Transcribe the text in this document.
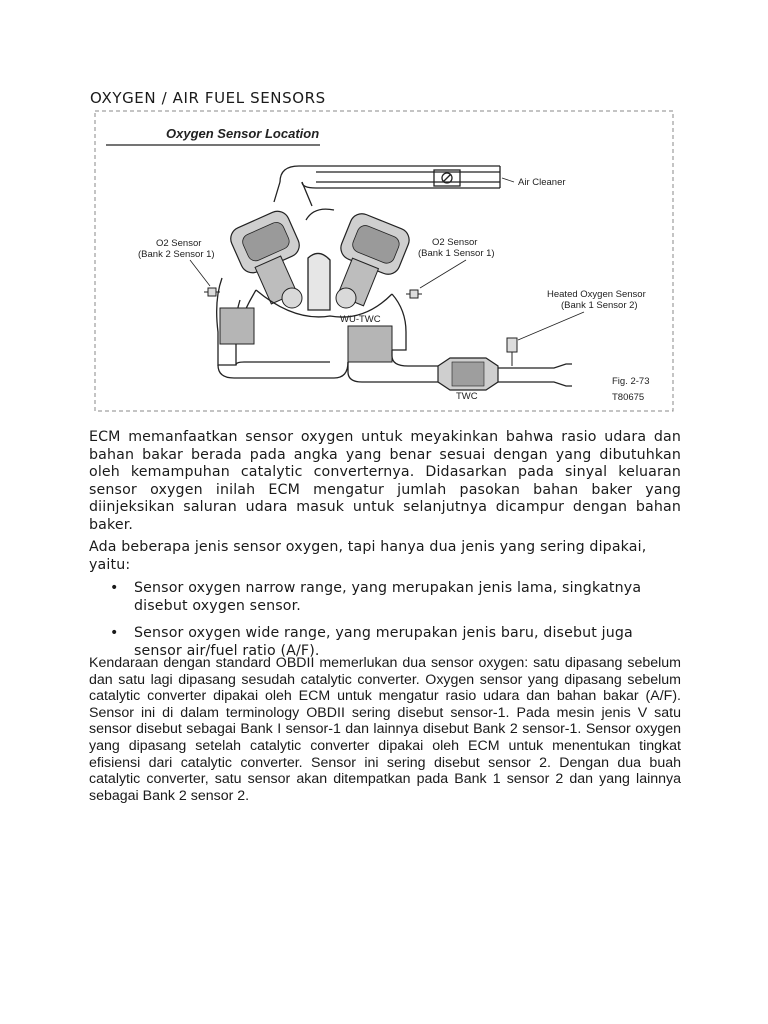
OXYGEN / AIR FUEL SENSORS
Oxygen Sensor Location
Air Cleaner
O2 Sensor
(Bank 2 Sensor 1)
O2 Sensor
(Bank 1 Sensor 1)
Heated Oxygen Sensor
(Bank 1 Sensor 2)
WU-TWC
TWC
Fig. 2-73
T80675

ECM memanfaatkan sensor oxygen untuk meyakinkan bahwa rasio udara dan bahan bakar berada pada angka yang benar sesuai dengan yang dibutuhkan oleh kemampuhan catalytic converternya. Didasarkan pada sinyal keluaran sensor oxygen inilah ECM mengatur jumlah pasokan bahan baker yang diinjeksikan saluran udara masuk untuk selanjutnya dicampur dengan bahan baker.

Ada beberapa jenis sensor oxygen, tapi hanya dua jenis yang sering dipakai, yaitu:

• Sensor oxygen narrow range, yang merupakan jenis lama, singkatnya disebut oxygen sensor.
• Sensor oxygen wide range, yang merupakan jenis baru, disebut juga sensor air/fuel ratio (A/F).

Kendaraan dengan standard OBDII memerlukan dua sensor oxygen: satu dipasang sebelum dan satu lagi dipasang sesudah catalytic converter. Oxygen sensor yang dipasang sebelum catalytic converter dipakai oleh ECM untuk mengatur rasio udara dan bahan bakar (A/F). Sensor ini di dalam terminology OBDII sering disebut sensor-1. Pada mesin jenis V satu sensor disebut sebagai Bank I sensor-1 dan lainnya disebut Bank 2 sensor-1. Sensor oxygen yang dipasang setelah catalytic converter dipakai oleh ECM untuk menentukan tingkat efisiensi dari catalytic converter. Sensor ini sering disebut sensor 2. Dengan dua buah catalytic converter, satu sensor akan ditempatkan pada Bank 1 sensor 2 dan yang lainnya sebagai Bank 2 sensor 2.
